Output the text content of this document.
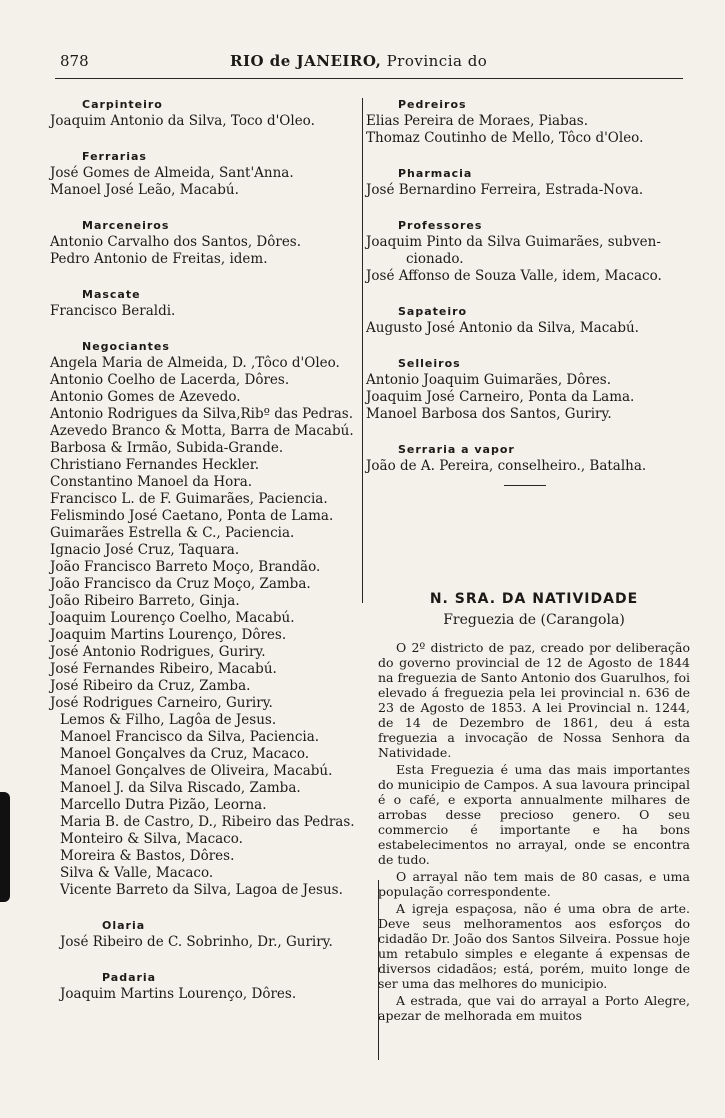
878	RIO de JANEIRO, Provincia do
Carpinteiro
Joaquim Antonio da Silva, Toco d'Oleo.
Ferrarias
José Gomes de Almeida, Sant'Anna.
Manoel José Leão, Macabú.
Marceneiros
Antonio Carvalho dos Santos, Dôres.
Pedro Antonio de Freitas, idem.
Mascate
Francisco Beraldi.
Negociantes
Angela Maria de Almeida, D. ,Tôco d'Oleo.
Antonio Coelho de Lacerda, Dôres.
Antonio Gomes de Azevedo.
Antonio Rodrigues da Silva,Ribº das Pedras.
Azevedo Branco & Motta, Barra de Macabú.
Barbosa & Irmão, Subida-Grande.
Christiano Fernandes Heckler.
Constantino Manoel da Hora.
Francisco L. de F. Guimarães, Paciencia.
Felismindo José Caetano, Ponta de Lama.
Guimarães Estrella & C., Paciencia.
Ignacio José Cruz, Taquara.
João Francisco Barreto Moço, Brandão.
João Francisco da Cruz Moço, Zamba.
João Ribeiro Barreto, Ginja.
Joaquim Lourenço Coelho, Macabú.
Joaquim Martins Lourenço, Dôres.
José Antonio Rodrigues, Guriry.
José Fernandes Ribeiro, Macabú.
José Ribeiro da Cruz, Zamba.
José Rodrigues Carneiro, Guriry.
Lemos & Filho, Lagôa de Jesus.
Manoel Francisco da Silva, Paciencia.
Manoel Gonçalves da Cruz, Macaco.
Manoel Gonçalves de Oliveira, Macabú.
Manoel J. da Silva Riscado, Zamba.
Marcello Dutra Pizão, Leorna.
Maria B. de Castro, D., Ribeiro das Pedras.
Monteiro & Silva, Macaco.
Moreira & Bastos, Dôres.
Silva & Valle, Macaco.
Vicente Barreto da Silva, Lagoa de Jesus.
Olaria
José Ribeiro de C. Sobrinho, Dr., Guriry.
Padaria
Joaquim Martins Lourenço, Dôres.
Pedreiros
Elias Pereira de Moraes, Piabas.
Thomaz Coutinho de Mello, Tôco d'Oleo.
Pharmacia
José Bernardino Ferreira, Estrada-Nova.
Professores
Joaquim Pinto da Silva Guimarães, subven-
cionado.
José Affonso de Souza Valle, idem, Macaco.
Sapateiro
Augusto José Antonio da Silva, Macabú.
Selleiros
Antonio Joaquim Guimarães, Dôres.
Joaquim José Carneiro, Ponta da Lama.
Manoel Barbosa dos Santos, Guriry.
Serraria a vapor
João de A. Pereira, conselheiro., Batalha.
N. SRA. DA NATIVIDADE
Freguezia de (Carangola)

O 2º districto de paz, creado por deliberação do governo provincial de 12 de Agosto de 1844 na freguezia de Santo Antonio dos Guarulhos, foi elevado á freguezia pela lei provincial n. 636 de 23 de Agosto de 1853. A lei Provincial n. 1244, de 14 de Dezembro de 1861, deu á esta freguezia a invocação de Nossa Senhora da Natividade.

Esta Freguezia é uma das mais importantes do municipio de Campos. A sua lavoura principal é o café, e exporta annualmente milhares de arrobas desse precioso genero. O seu commercio é importante e ha bons estabelecimentos no arrayal, onde se encontra de tudo.

O arrayal não tem mais de 80 casas, e uma população correspondente.

A igreja espaçosa, não é uma obra de arte. Deve seus melhoramentos aos esforços do cidadão Dr. João dos Santos Silveira. Possue hoje um retabulo simples e elegante á expensas de diversos cidadãos; está, porém, muito longe de ser uma das melhores do municipio.

A estrada, que vai do arrayal a Porto Alegre, apezar de melhorada em muitos
